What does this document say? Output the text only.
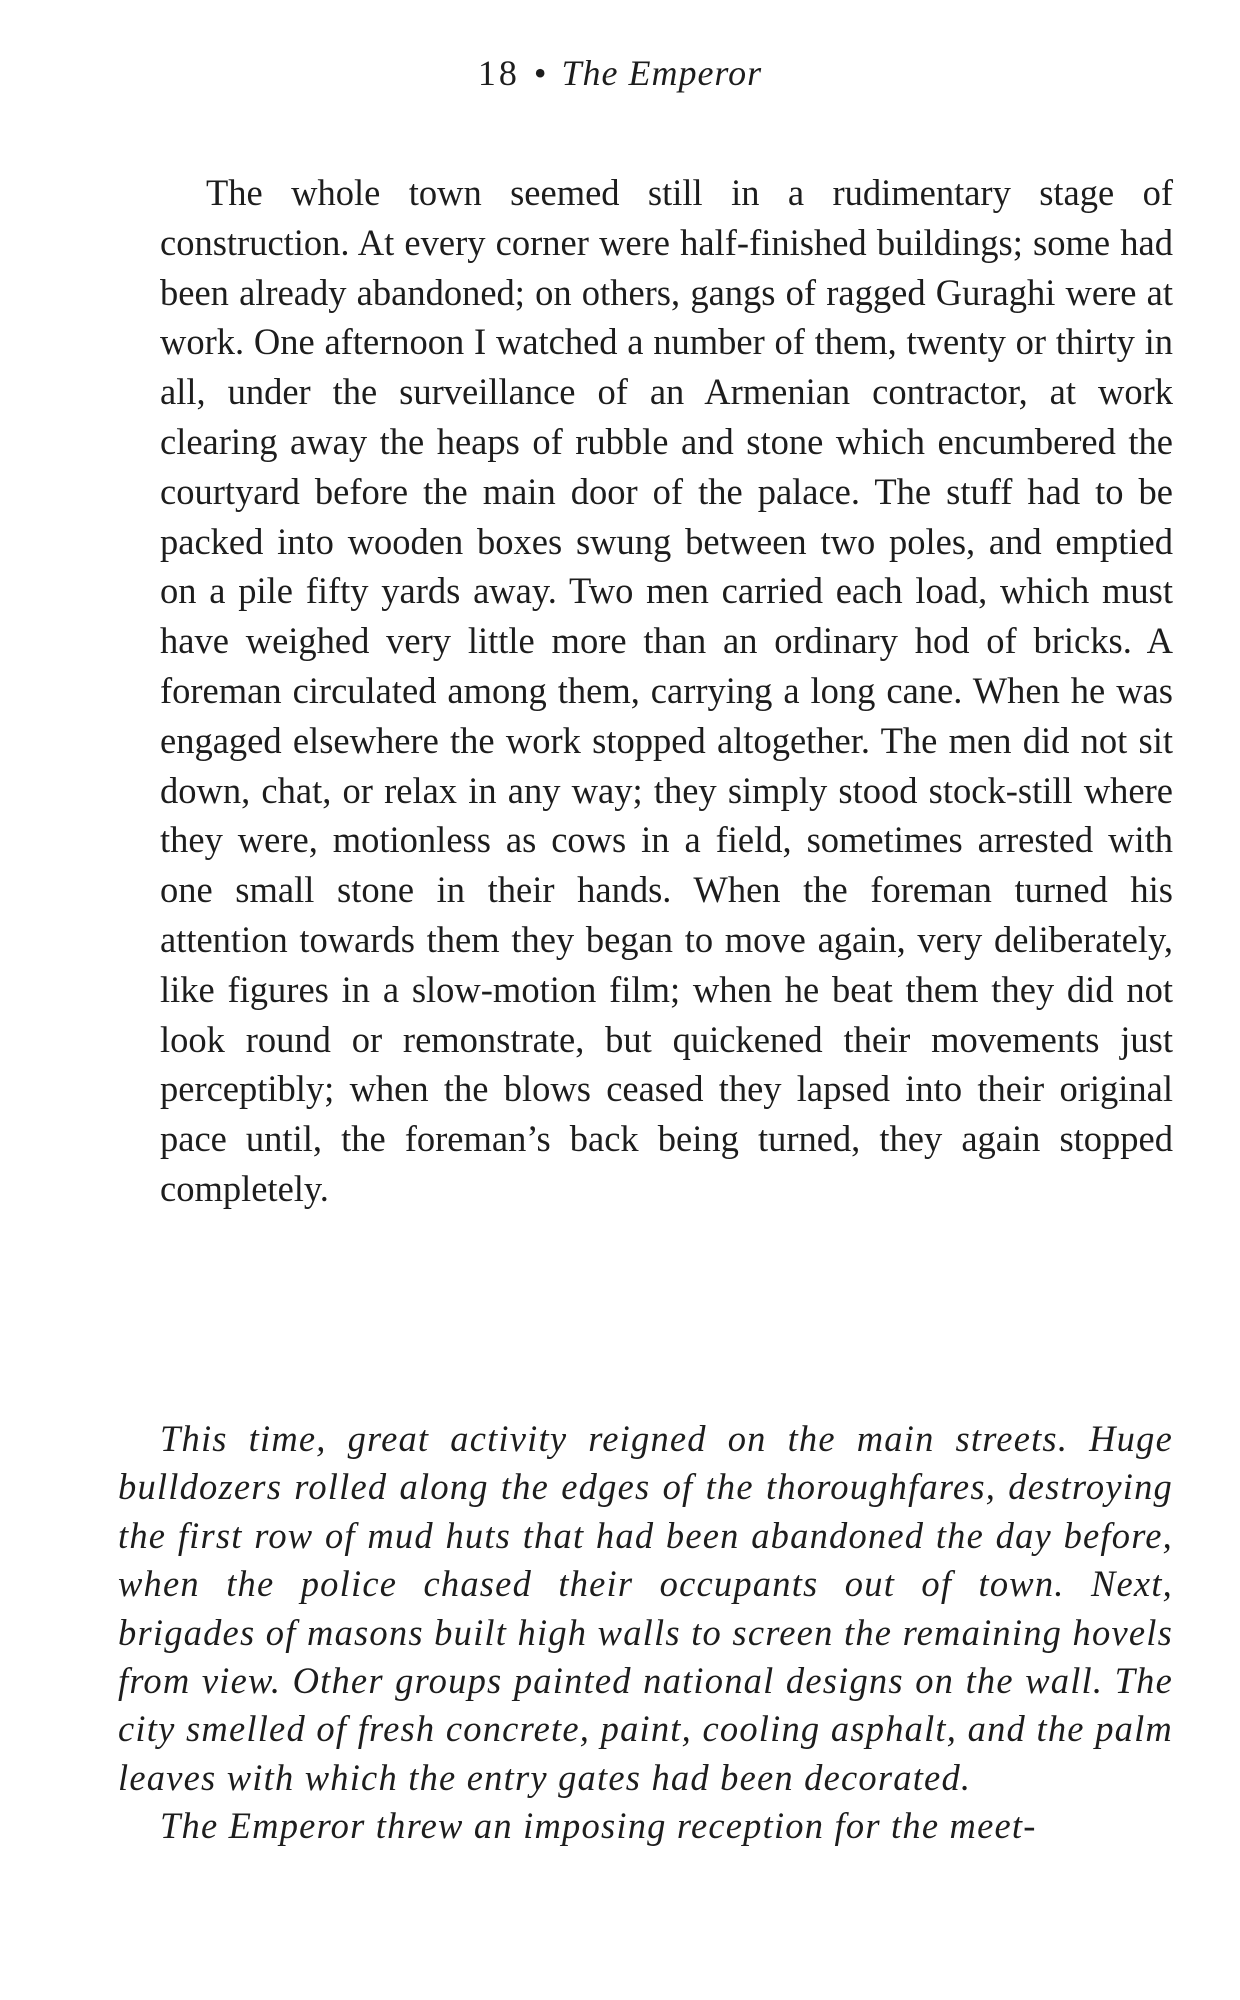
18 • The Emperor
The whole town seemed still in a rudimentary stage of construction. At every corner were half-finished buildings; some had been already abandoned; on others, gangs of ragged Guraghi were at work. One afternoon I watched a number of them, twenty or thirty in all, under the surveillance of an Armenian contractor, at work clearing away the heaps of rubble and stone which encumbered the courtyard before the main door of the palace. The stuff had to be packed into wooden boxes swung between two poles, and emptied on a pile fifty yards away. Two men carried each load, which must have weighed very little more than an ordinary hod of bricks. A foreman circulated among them, carrying a long cane. When he was engaged elsewhere the work stopped altogether. The men did not sit down, chat, or relax in any way; they simply stood stock-still where they were, motionless as cows in a field, sometimes arrested with one small stone in their hands. When the foreman turned his attention towards them they began to move again, very deliberately, like figures in a slow-motion film; when he beat them they did not look round or remonstrate, but quickened their movements just perceptibly; when the blows ceased they lapsed into their original pace until, the foreman’s back being turned, they again stopped completely.

This time, great activity reigned on the main streets. Huge bulldozers rolled along the edges of the thoroughfares, destroying the first row of mud huts that had been abandoned the day before, when the police chased their occupants out of town. Next, brigades of masons built high walls to screen the remaining hovels from view. Other groups painted national designs on the wall. The city smelled of fresh concrete, paint, cooling asphalt, and the palm leaves with which the entry gates had been decorated.

The Emperor threw an imposing reception for the meet-
